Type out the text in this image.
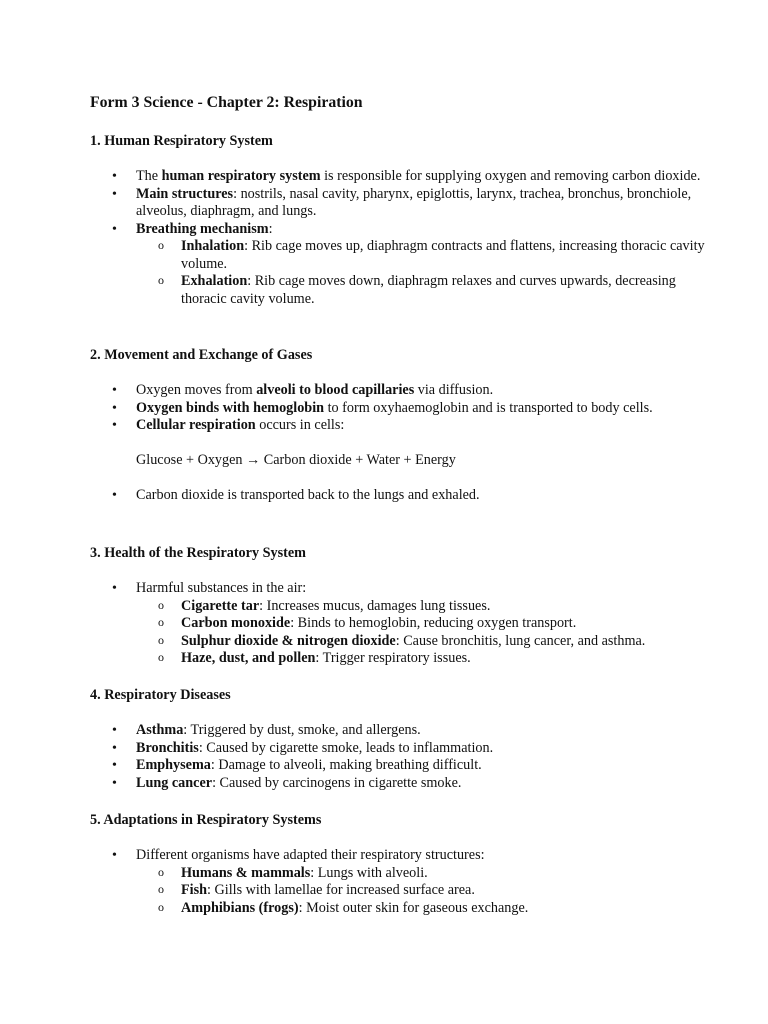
Form 3 Science - Chapter 2: Respiration

1. Human Respiratory System

• The human respiratory system is responsible for supplying oxygen and removing carbon dioxide.
• Main structures: nostrils, nasal cavity, pharynx, epiglottis, larynx, trachea, bronchus, bronchiole, alveolus, diaphragm, and lungs.
• Breathing mechanism:
o Inhalation: Rib cage moves up, diaphragm contracts and flattens, increasing thoracic cavity volume.
o Exhalation: Rib cage moves down, diaphragm relaxes and curves upwards, decreasing thoracic cavity volume.

2. Movement and Exchange of Gases

• Oxygen moves from alveoli to blood capillaries via diffusion.
• Oxygen binds with hemoglobin to form oxyhaemoglobin and is transported to body cells.
• Cellular respiration occurs in cells:

Glucose + Oxygen → Carbon dioxide + Water + Energy

• Carbon dioxide is transported back to the lungs and exhaled.

3. Health of the Respiratory System

• Harmful substances in the air:
o Cigarette tar: Increases mucus, damages lung tissues.
o Carbon monoxide: Binds to hemoglobin, reducing oxygen transport.
o Sulphur dioxide & nitrogen dioxide: Cause bronchitis, lung cancer, and asthma.
o Haze, dust, and pollen: Trigger respiratory issues.

4. Respiratory Diseases

• Asthma: Triggered by dust, smoke, and allergens.
• Bronchitis: Caused by cigarette smoke, leads to inflammation.
• Emphysema: Damage to alveoli, making breathing difficult.
• Lung cancer: Caused by carcinogens in cigarette smoke.

5. Adaptations in Respiratory Systems

• Different organisms have adapted their respiratory structures:
o Humans & mammals: Lungs with alveoli.
o Fish: Gills with lamellae for increased surface area.
o Amphibians (frogs): Moist outer skin for gaseous exchange.
